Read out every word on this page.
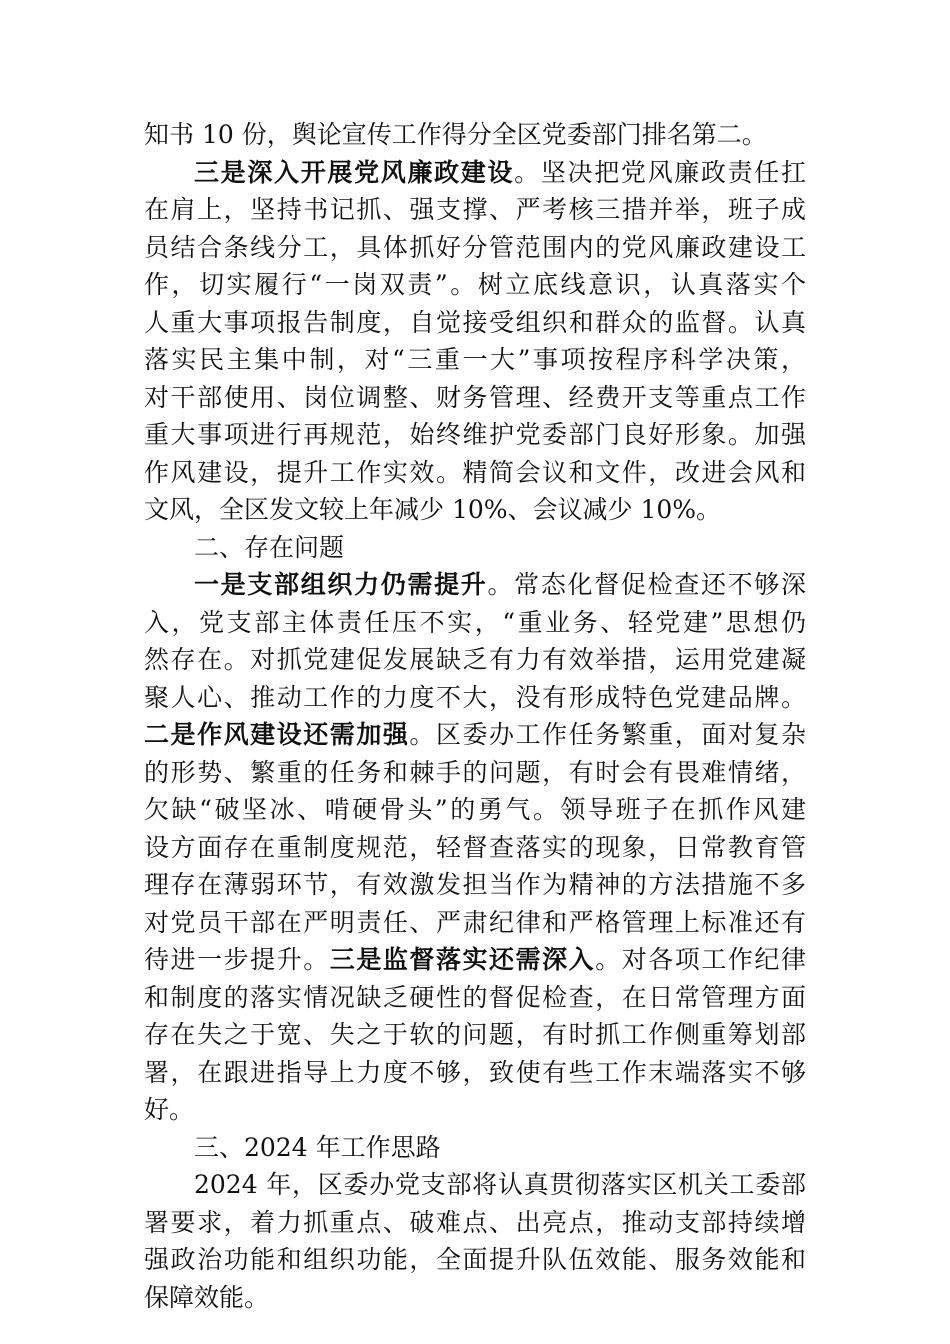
知书 10 份，舆论宣传工作得分全区党委部门排名第二。
三是深入开展党风廉政建设。坚决把党风廉政责任扛
在肩上，坚持书记抓、强支撑、严考核三措并举，班子成
员结合条线分工，具体抓好分管范围内的党风廉政建设工
作，切实履行“一岗双责”。树立底线意识，认真落实个
人重大事项报告制度，自觉接受组织和群众的监督。认真
落实民主集中制，对“三重一大”事项按程序科学决策，
对干部使用、岗位调整、财务管理、经费开支等重点工作
重大事项进行再规范，始终维护党委部门良好形象。加强
作风建设，提升工作实效。精简会议和文件，改进会风和
文风，全区发文较上年减少 10%、会议减少 10%。
二、存在问题
一是支部组织力仍需提升。常态化督促检查还不够深
入，党支部主体责任压不实，“重业务、轻党建”思想仍
然存在。对抓党建促发展缺乏有力有效举措，运用党建凝
聚人心、推动工作的力度不大，没有形成特色党建品牌。
二是作风建设还需加强。区委办工作任务繁重，面对复杂
的形势、繁重的任务和棘手的问题，有时会有畏难情绪，
欠缺“破坚冰、啃硬骨头”的勇气。领导班子在抓作风建
设方面存在重制度规范，轻督查落实的现象，日常教育管
理存在薄弱环节，有效激发担当作为精神的方法措施不多
对党员干部在严明责任、严肃纪律和严格管理上标准还有
待进一步提升。三是监督落实还需深入。对各项工作纪律
和制度的落实情况缺乏硬性的督促检查，在日常管理方面
存在失之于宽、失之于软的问题，有时抓工作侧重筹划部
署，在跟进指导上力度不够，致使有些工作末端落实不够
好。
三、2024 年工作思路
2024 年，区委办党支部将认真贯彻落实区机关工委部
署要求，着力抓重点、破难点、出亮点，推动支部持续增
强政治功能和组织功能，全面提升队伍效能、服务效能和
保障效能。
